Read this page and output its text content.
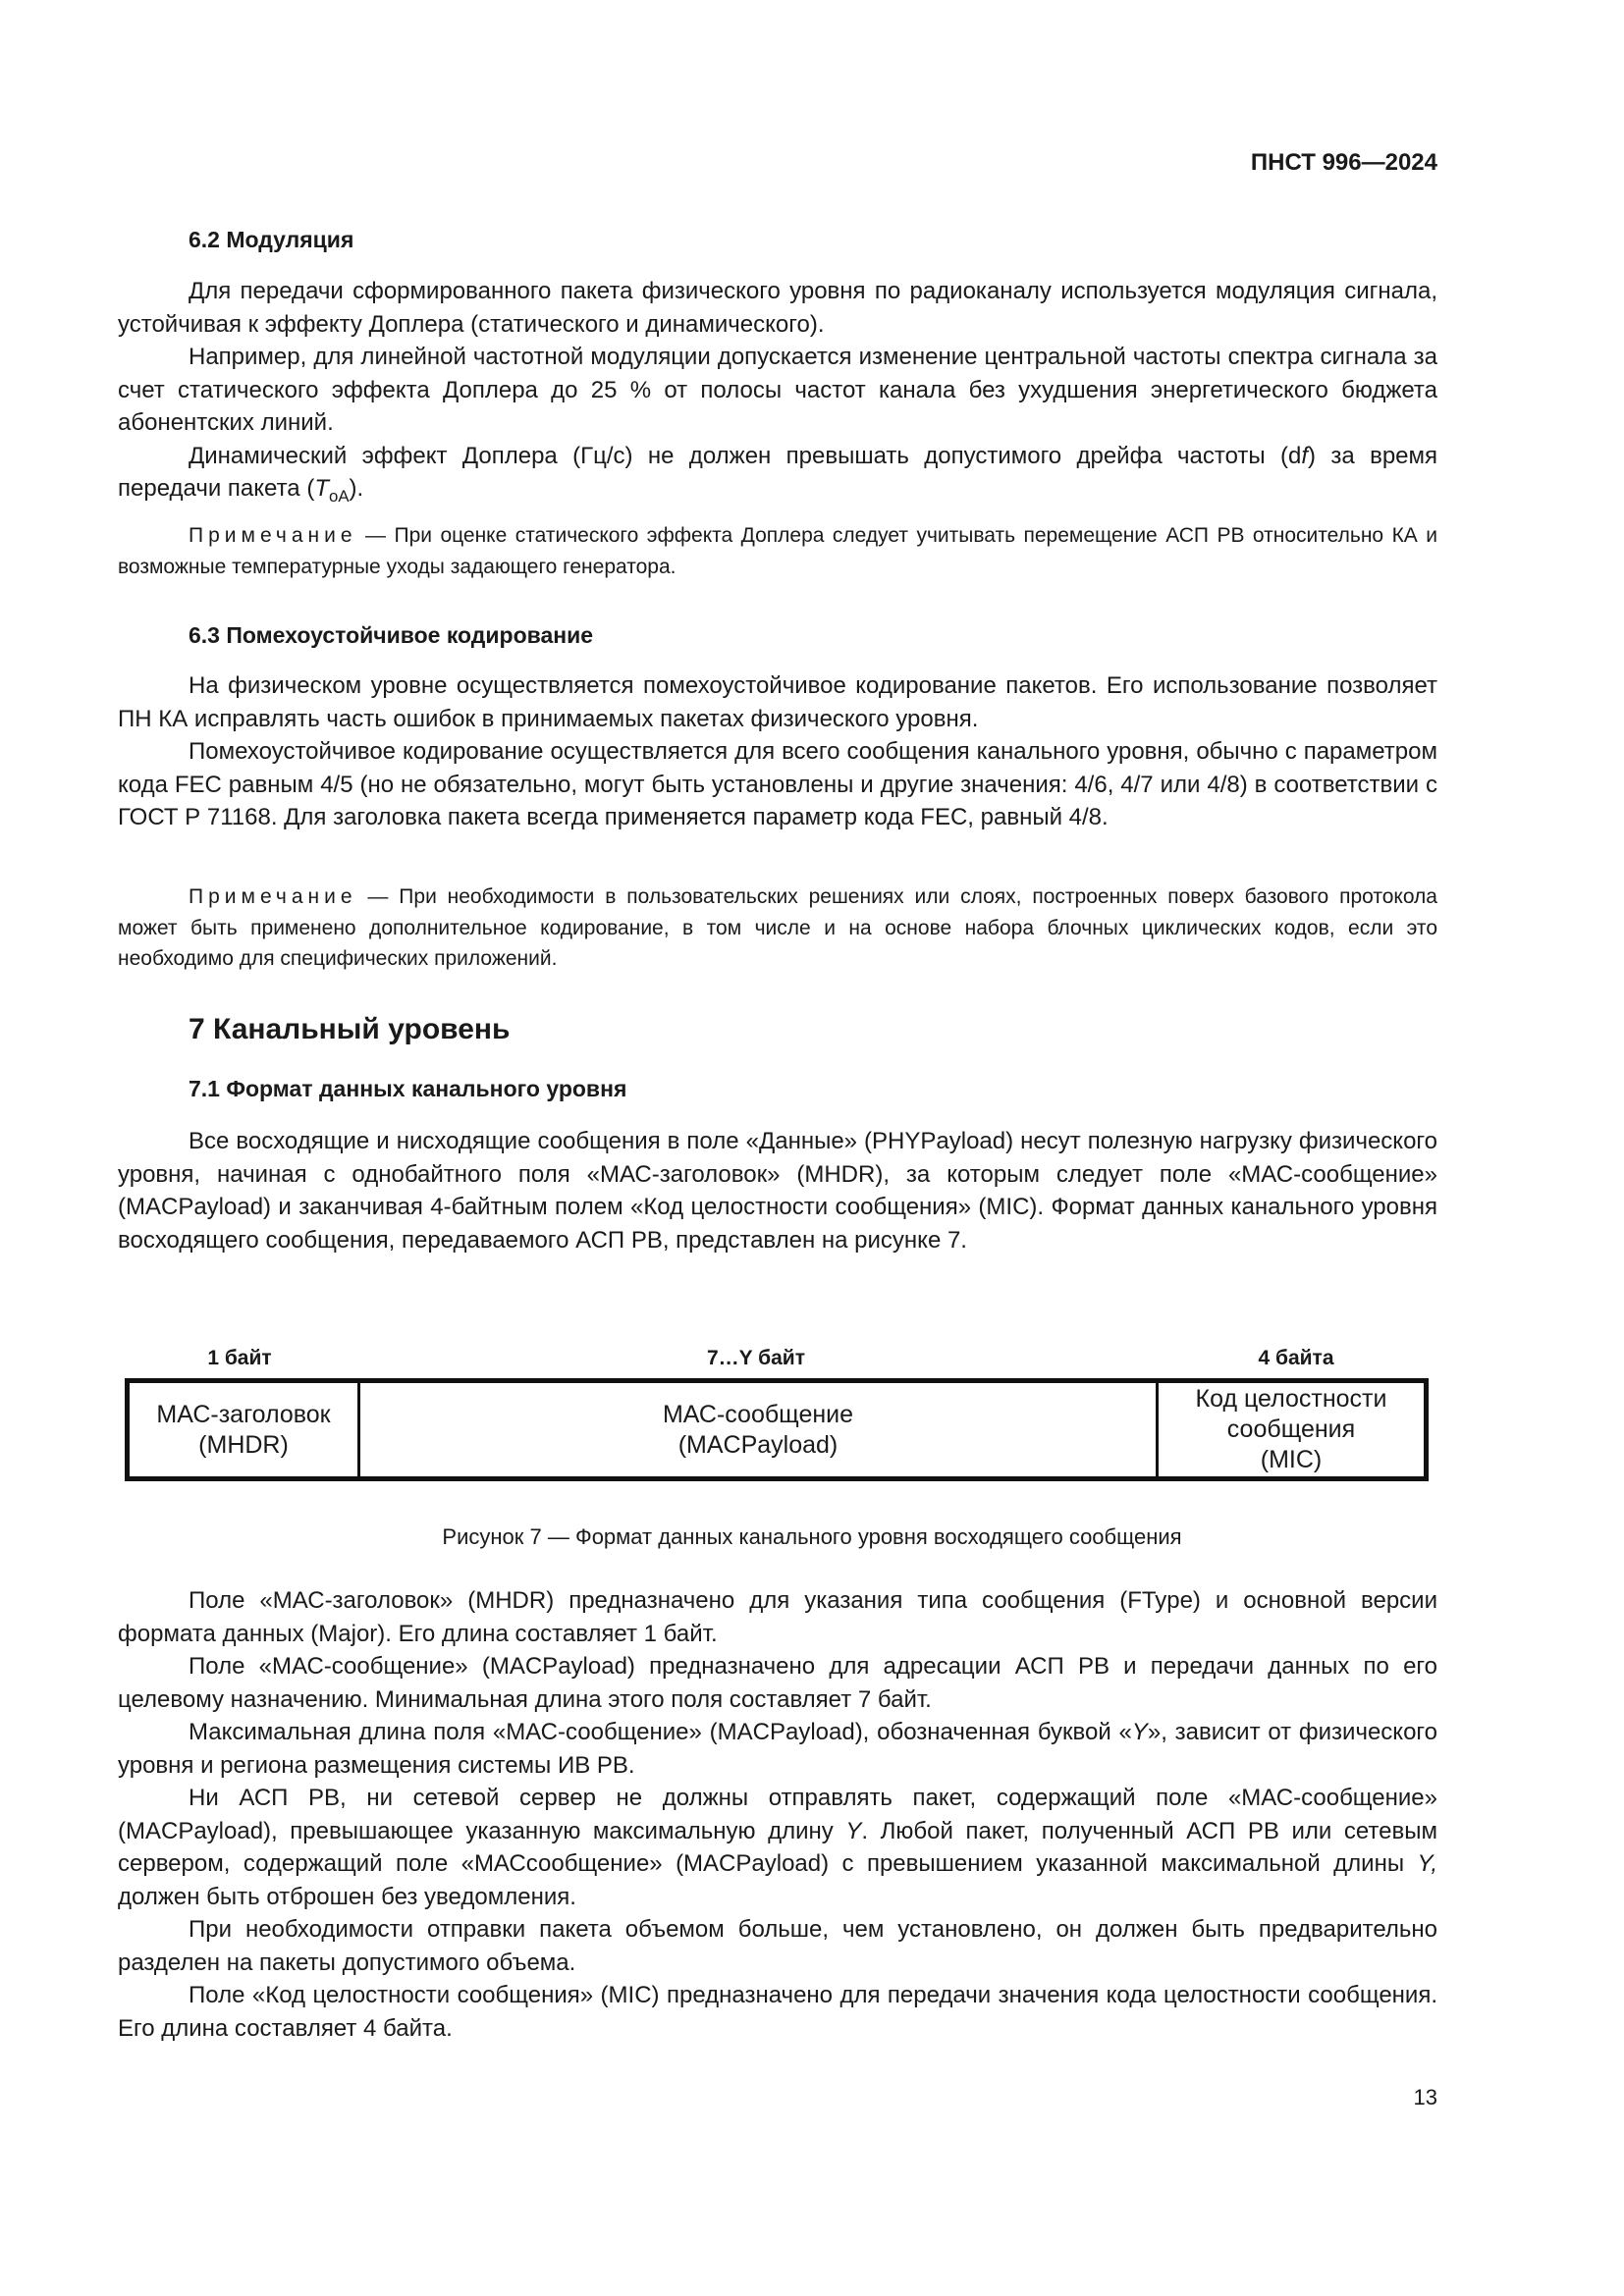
ПНСТ 996—2024
6.2 Модуляция

Для передачи сформированного пакета физического уровня по радиоканалу используется модуляция сигнала, устойчивая к эффекту Доплера (статического и динамического).

Например, для линейной частотной модуляции допускается изменение центральной частоты спектра сигнала за счет статического эффекта Доплера до 25 % от полосы частот канала без ухудшения энергетического бюджета абонентских линий.

Динамический эффект Доплера (Гц/с) не должен превышать допустимого дрейфа частоты (df) за время передачи пакета $(T_{оА})$.

Примечание — При оценке статического эффекта Доплера следует учитывать перемещение АСП РВ относительно КА и возможные температурные уходы задающего генератора.
6.3 Помехоустойчивое кодирование

На физическом уровне осуществляется помехоустойчивое кодирование пакетов. Его использование позволяет ПН КА исправлять часть ошибок в принимаемых пакетах физического уровня.

Помехоустойчивое кодирование осуществляется для всего сообщения канального уровня, обычно с параметром кода FEC равным 4/5 (но не обязательно, могут быть установлены и другие значения: 4/6, 4/7 или 4/8) в соответствии с ГОСТ Р 71168. Для заголовка пакета всегда применяется параметр кода FEC, равный 4/8.

Примечание — При необходимости в пользовательских решениях или слоях, построенных поверх базового протокола может быть применено дополнительное кодирование, в том числе и на основе набора блочных циклических кодов, если это необходимо для специфических приложений.
7 Канальный уровень
7.1 Формат данных канального уровня

Все восходящие и нисходящие сообщения в поле «Данные» (PHYPayload) несут полезную нагрузку физического уровня, начиная с однобайтного поля «МАС-заголовок» (MHDR), за которым следует поле «МАС-сообщение» (MACPayload) и заканчивая 4-байтным полем «Код целостности сообщения» (MIC). Формат данных канального уровня восходящего сообщения, передаваемого АСП РВ, представлен на рисунке 7.

1 байт	7…Y байт	4 байта
МАС-заголовок
(MHDR)
МАС-сообщение
(MACPayload)
Код целостности сообщения
(MIC)
Рисунок 7 — Формат данных канального уровня восходящего сообщения

Поле «МАС-заголовок» (MHDR) предназначено для указания типа сообщения (FType) и основной версии формата данных (Major). Его длина составляет 1 байт.

Поле «МАС-сообщение» (MACPayload) предназначено для адресации АСП РВ и передачи данных по его целевому назначению. Минимальная длина этого поля составляет 7 байт.

Максимальная длина поля «МАС-сообщение» (MACPayload), обозначенная буквой «Y», зависит от физического уровня и региона размещения системы ИВ РВ.

Ни АСП РВ, ни сетевой сервер не должны отправлять пакет, содержащий поле «МАС-сообщение» (MACPayload), превышающее указанную максимальную длину Y. Любой пакет, полученный АСП РВ или сетевым сервером, содержащий поле «МАСсообщение» (MACPayload) с превышением указанной максимальной длины Y, должен быть отброшен без уведомления.

При необходимости отправки пакета объемом больше, чем установлено, он должен быть предварительно разделен на пакеты допустимого объема.

Поле «Код целостности сообщения» (MIC) предназначено для передачи значения кода целостности сообщения. Его длина составляет 4 байта.

13
